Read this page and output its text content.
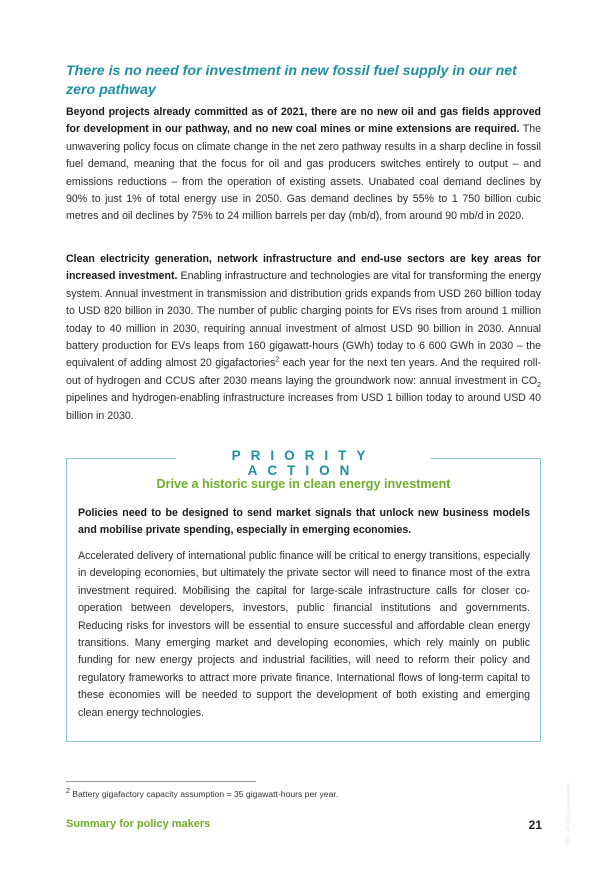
There is no need for investment in new fossil fuel supply in our net zero pathway

Beyond projects already committed as of 2021, there are no new oil and gas fields approved for development in our pathway, and no new coal mines or mine extensions are required. The unwavering policy focus on climate change in the net zero pathway results in a sharp decline in fossil fuel demand, meaning that the focus for oil and gas producers switches entirely to output – and emissions reductions – from the operation of existing assets. Unabated coal demand declines by 90% to just 1% of total energy use in 2050. Gas demand declines by 55% to 1 750 billion cubic metres and oil declines by 75% to 24 million barrels per day (mb/d), from around 90 mb/d in 2020.

Clean electricity generation, network infrastructure and end-use sectors are key areas for increased investment. Enabling infrastructure and technologies are vital for transforming the energy system. Annual investment in transmission and distribution grids expands from USD 260 billion today to USD 820 billion in 2030. The number of public charging points for EVs rises from around 1 million today to 40 million in 2030, requiring annual investment of almost USD 90 billion in 2030. Annual battery production for EVs leaps from 160 gigawatt-hours (GWh) today to 6 600 GWh in 2030 – the equivalent of adding almost 20 gigafactories$^2$ each year for the next ten years. And the required roll-out of hydrogen and CCUS after 2030 means laying the groundwork now: annual investment in $CO_2$ pipelines and hydrogen-enabling infrastructure increases from USD 1 billion today to around USD 40 billion in 2030.

PRIORITY ACTION

Drive a historic surge in clean energy investment

Policies need to be designed to send market signals that unlock new business models and mobilise private spending, especially in emerging economies.

Accelerated delivery of international public finance will be critical to energy transitions, especially in developing economies, but ultimately the private sector will need to finance most of the extra investment required. Mobilising the capital for large-scale infrastructure calls for closer co-operation between developers, investors, public financial institutions and governments. Reducing risks for investors will be essential to ensure successful and affordable clean energy transitions. Many emerging market and developing economies, which rely mainly on public funding for new energy projects and industrial facilities, will need to reform their policy and regulatory frameworks to attract more private finance. International flows of long-term capital to these economies will be needed to support the development of both existing and emerging clean energy technologies.

$^2$ Battery gigafactory capacity assumption = 35 gigawatt-hours per year.

Summary for policy makers	21	IEA. All rights reserved.
